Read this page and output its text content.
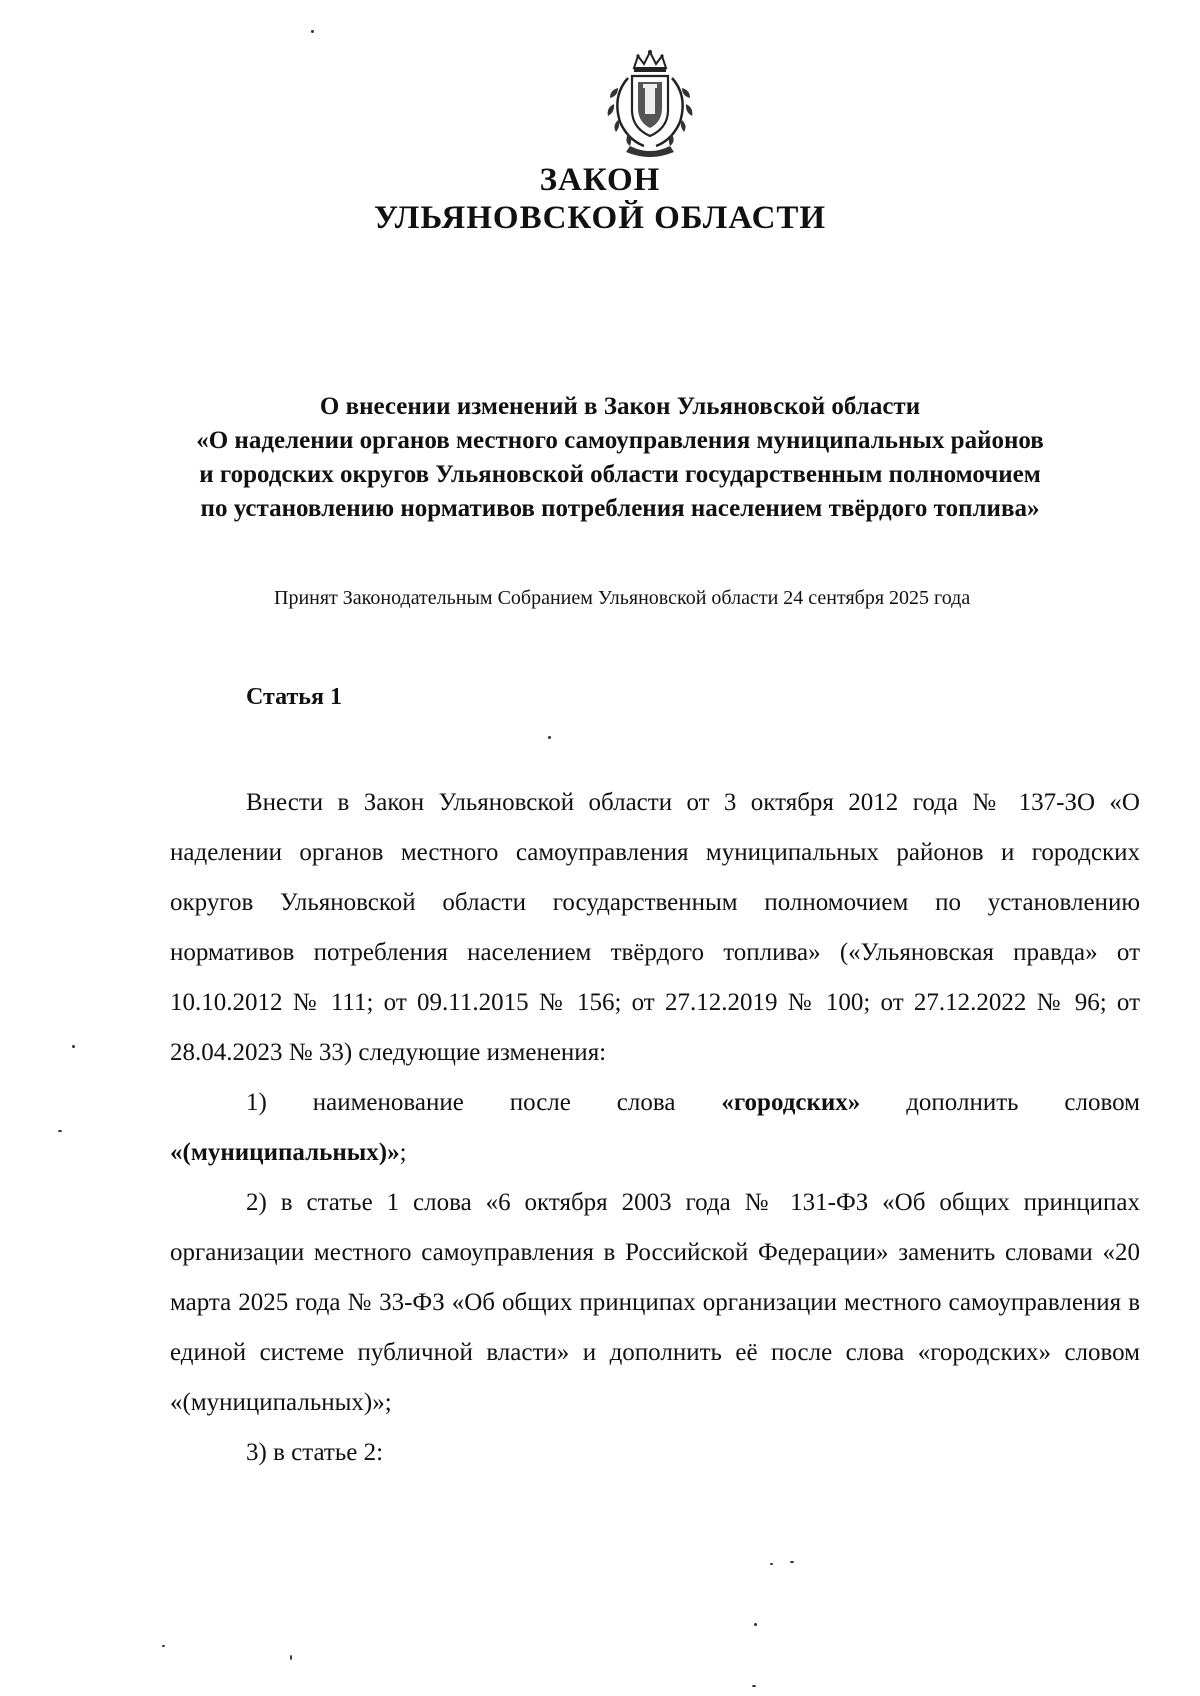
ЗАКОН
УЛЬЯНОВСКОЙ ОБЛАСТИ
О внесении изменений в Закон Ульяновской области
«О наделении органов местного самоуправления муниципальных районов
и городских округов Ульяновской области государственным полномочием
по установлению нормативов потребления населением твёрдого топлива»
Принят Законодательным Собранием Ульяновской области 24 сентября 2025 года
Статья 1

Внести в Закон Ульяновской области от 3 октября 2012 года № 137-ЗО «О наделении органов местного самоуправления муниципальных районов и городских округов Ульяновской области государственным полномочием по установлению нормативов потребления населением твёрдого топлива» («Ульяновская правда» от 10.10.2012 № 111; от 09.11.2015 № 156; от 27.12.2019 № 100; от 27.12.2022 № 96; от 28.04.2023 № 33) следующие изменения:

1) наименование после слова «городских» дополнить словом «(муниципальных)»;

2) в статье 1 слова «6 октября 2003 года № 131-ФЗ «Об общих принципах организации местного самоуправления в Российской Федерации» заменить словами «20 марта 2025 года № 33-ФЗ «Об общих принципах организации местного самоуправления в единой системе публичной власти» и дополнить её после слова «городских» словом «(муниципальных)»;

3) в статье 2:
